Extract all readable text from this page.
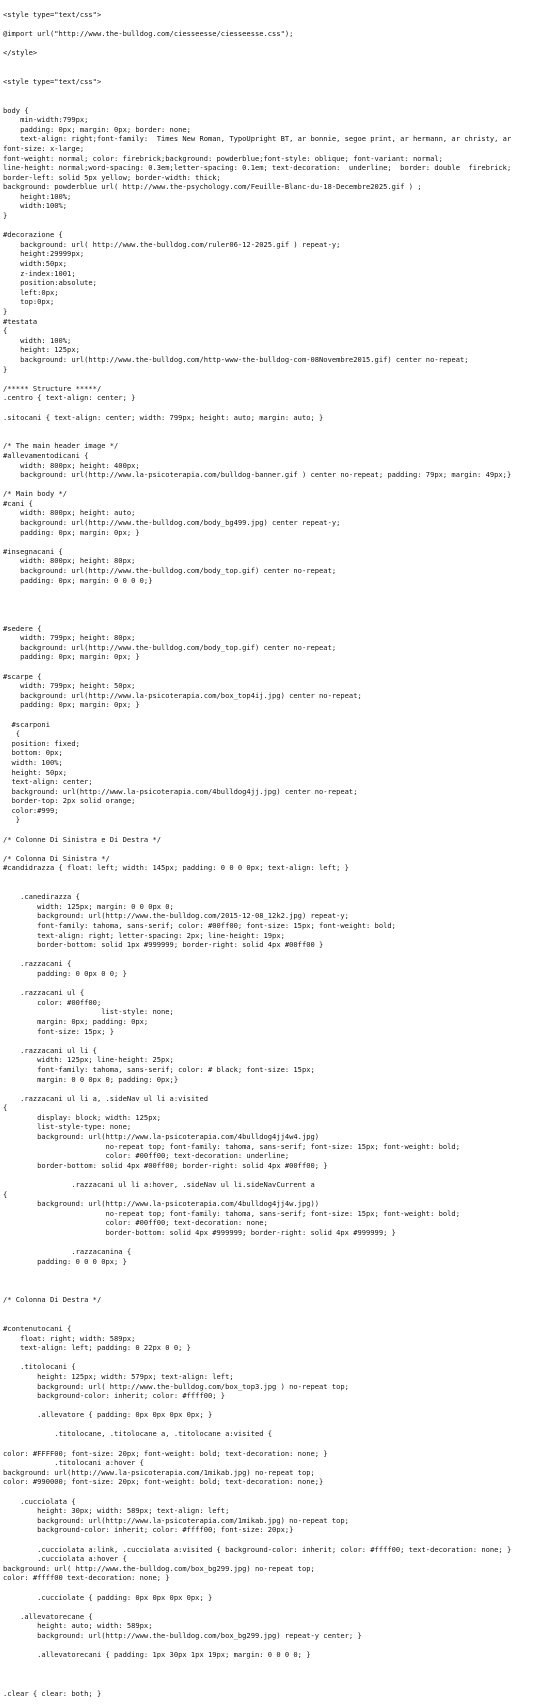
<style type="text/css">

@import url("http://www.the-bulldog.com/ciesseesse/ciesseesse.css");

</style>

<style type="text/css">

body {
min-width:799px;
padding: 0px; margin: 0px; border: none;
text-align: right;font-family:  Times New Roman, TypoUpright BT, ar bonnie, segoe print, ar hermann, ar christy, ar
font-size: x-large;
font-weight: normal; color: firebrick;background: powderblue;font-style: oblique; font-variant: normal;
line-height: normal;word-spacing: 0.3em;letter-spacing: 0.1em; text-decoration:  underline;  border: double  firebrick;
border-left: solid 5px yellow; border-width: thick;
background: powderblue url( http://www.the-psychology.com/Feuille-Blanc-du-18-Decembre2025.gif ) ;
height:100%;
width:100%;
}

#decorazione {
background: url( http://www.the-bulldog.com/ruler06-12-2025.gif ) repeat-y;
height:29999px;
width:50px;
z-index:1001;
position:absolute;
left:0px;
top:0px;
}
#testata
{
width: 100%;
height: 125px;
background: url(http://www.the-bulldog.com/http-www-the-bulldog-com-08Novembre2015.gif) center no-repeat;
}

/***** Structure *****/
.centro { text-align: center; }

.sitocani { text-align: center; width: 799px; height: auto; margin: auto; }

/* The main header image */
#allevamentodicani {
width: 800px; height: 400px;
background: url(http://www.la-psicoterapia.com/bulldog-banner.gif ) center no-repeat; padding: 79px; margin: 49px;}

/* Main body */
#cani {
width: 800px; height: auto;
background: url(http://www.the-bulldog.com/body_bg499.jpg) center repeat-y;
padding: 0px; margin: 0px; }

#insegnacani {
width: 800px; height: 80px;
background: url(http://www.the-bulldog.com/body_top.gif) center no-repeat;
padding: 0px; margin: 0 0 0 0;}

#sedere {
width: 799px; height: 80px;
background: url(http://www.the-bulldog.com/body_top.gif) center no-repeat;
padding: 0px; margin: 0px; }

#scarpe {
width: 799px; height: 50px;
background: url(http://www.la-psicoterapia.com/box_top4ij.jpg) center no-repeat;
padding: 0px; margin: 0px; }

#scarponi
{
position: fixed;
bottom: 0px;
width: 100%;
height: 50px;
text-align: center;
background: url(http://www.la-psicoterapia.com/4bulldog4jj.jpg) center no-repeat;
border-top: 2px solid orange;
color:#999;
}

/* Colonne Di Sinistra e Di Destra */

/* Colonna Di Sinistra */
#candidrazza { float: left; width: 145px; padding: 0 0 0 0px; text-align: left; }

.canedirazza {
width: 125px; margin: 0 0 0px 0;
background: url(http://www.the-bulldog.com/2015-12-08_12k2.jpg) repeat-y;
font-family: tahoma, sans-serif; color: #00ff00; font-size: 15px; font-weight: bold;
text-align: right; letter-spacing: 2px; line-height: 19px;
border-bottom: solid 1px #999999; border-right: solid 4px #00ff00 }

.razzacani {
padding: 0 0px 0 0; }

.razzacani ul {
color: #00ff00;
list-style: none;
margin: 0px; padding: 0px;
font-size: 15px; }

.razzacani ul li {
width: 125px; line-height: 25px;
font-family: tahoma, sans-serif; color: # black; font-size: 15px;
margin: 0 0 0px 0; padding: 0px;}

.razzacani ul li a, .sideNav ul li a:visited
{
display: block; width: 125px;
list-style-type: none;
background: url(http://www.la-psicoterapia.com/4bulldog4jj4w4.jpg)
no-repeat top; font-family: tahoma, sans-serif; font-size: 15px; font-weight: bold;
color: #00ff00; text-decoration: underline;
border-bottom: solid 4px #00ff00; border-right: solid 4px #00ff00; }

.razzacani ul li a:hover, .sideNav ul li.sideNavCurrent a
{
background: url(http://www.la-psicoterapia.com/4bulldog4jj4w.jpg))
no-repeat top; font-family: tahoma, sans-serif; font-size: 15px; font-weight: bold;
color: #00ff00; text-decoration: none;
border-bottom: solid 4px #999999; border-right: solid 4px #999999; }

.razzacanina {
padding: 0 0 0 0px; }

/* Colonna Di Destra */

#contenutocani {
float: right; width: 589px;
text-align: left; padding: 0 22px 0 0; }

.titolocani {
height: 125px; width: 579px; text-align: left;
background: url( http://www.the-bulldog.com/box_top3.jpg ) no-repeat top;
background-color: inherit; color: #ffff00; }

.allevatore { padding: 0px 0px 0px 0px; }

.titolocane, .titolocane a, .titolocane a:visited {

color: #FFFF00; font-size: 20px; font-weight: bold; text-decoration: none; }
.titolocani a:hover {
background: url(http://www.la-psicoterapia.com/1mikab.jpg) no-repeat top;
color: #990000; font-size: 20px; font-weight: bold; text-decoration: none;}

.cucciolata {
height: 30px; width: 589px; text-align: left;
background: url(http://www.la-psicoterapia.com/1mikab.jpg) no-repeat top;
background-color: inherit; color: #ffff00; font-size: 20px;}

.cucciolata a:link, .cucciolata a:visited { background-color: inherit; color: #ffff00; text-decoration: none; }
.cucciolata a:hover {
background: url( http://www.the-bulldog.com/box_bg299.jpg) no-repeat top;
color: #ffff00 text-decoration: none; }

.cucciolate { padding: 0px 0px 0px 0px; }

.allevatorecane {
height: auto; width: 589px;
background: url(http://www.the-bulldog.com/box_bg299.jpg) repeat-y center; }

.allevatorecani { padding: 1px 30px 1px 19px; margin: 0 0 0 0; }

.clear { clear: both; }
